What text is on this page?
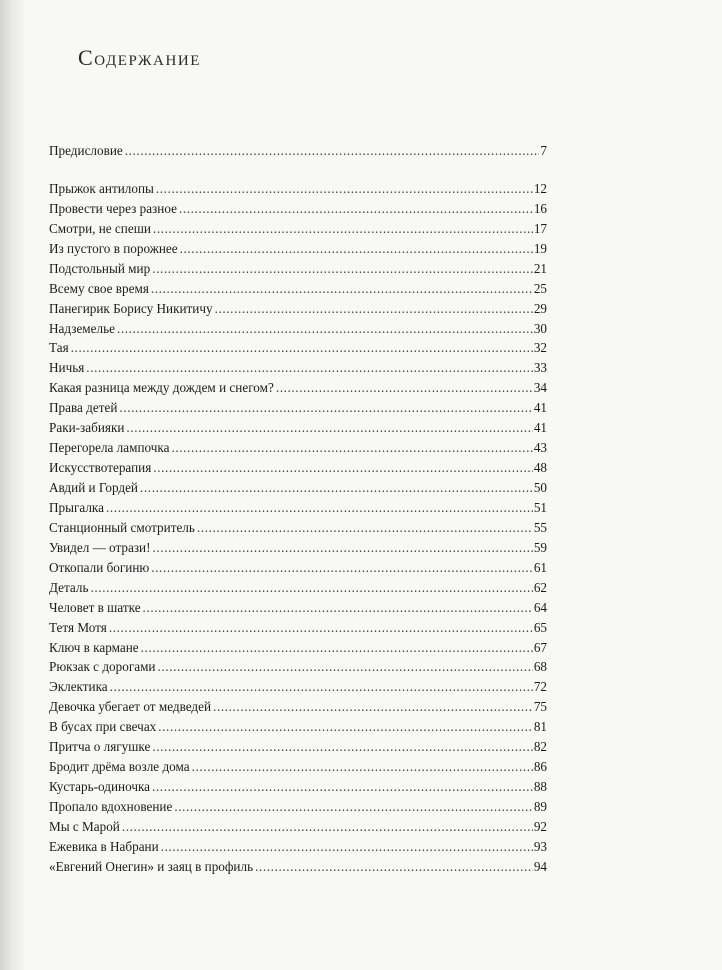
Содержание
Предисловие .....	7
Прыжок антилопы .....	12
Провести через разное .....	16
Смотри, не спеши .....	17
Из пустого в порожнее .....	19
Подстольный мир .....	21
Всему свое время .....	25
Панегирик Борису Никитичу .....	29
Надземелье .....	30
Тая .....	32
Ничья .....	33
Какая разница между дождем и снегом? .....	34
Права детей .....	41
Раки-забияки .....	41
Перегорела лампочка .....	43
Искусствотерапия .....	48
Авдий и Гордей .....	50
Прыгалка .....	51
Станционный смотритель .....	55
Увидел — отрази! .....	59
Откопали богиню .....	61
Деталь .....	62
Человет в шатке .....	64
Тетя Мотя .....	65
Ключ в кармане .....	67
Рюкзак с дорогами .....	68
Эклектика .....	72
Девочка убегает от медведей .....	75
В бусах при свечах .....	81
Притча о лягушке .....	82
Бродит дрёма возле дома .....	86
Кустарь-одиночка .....	88
Пропало вдохновение .....	89
Мы с Марой .....	92
Ежевика в Набрани .....	93
«Евгений Онегин» и заяц в профиль .....	94
